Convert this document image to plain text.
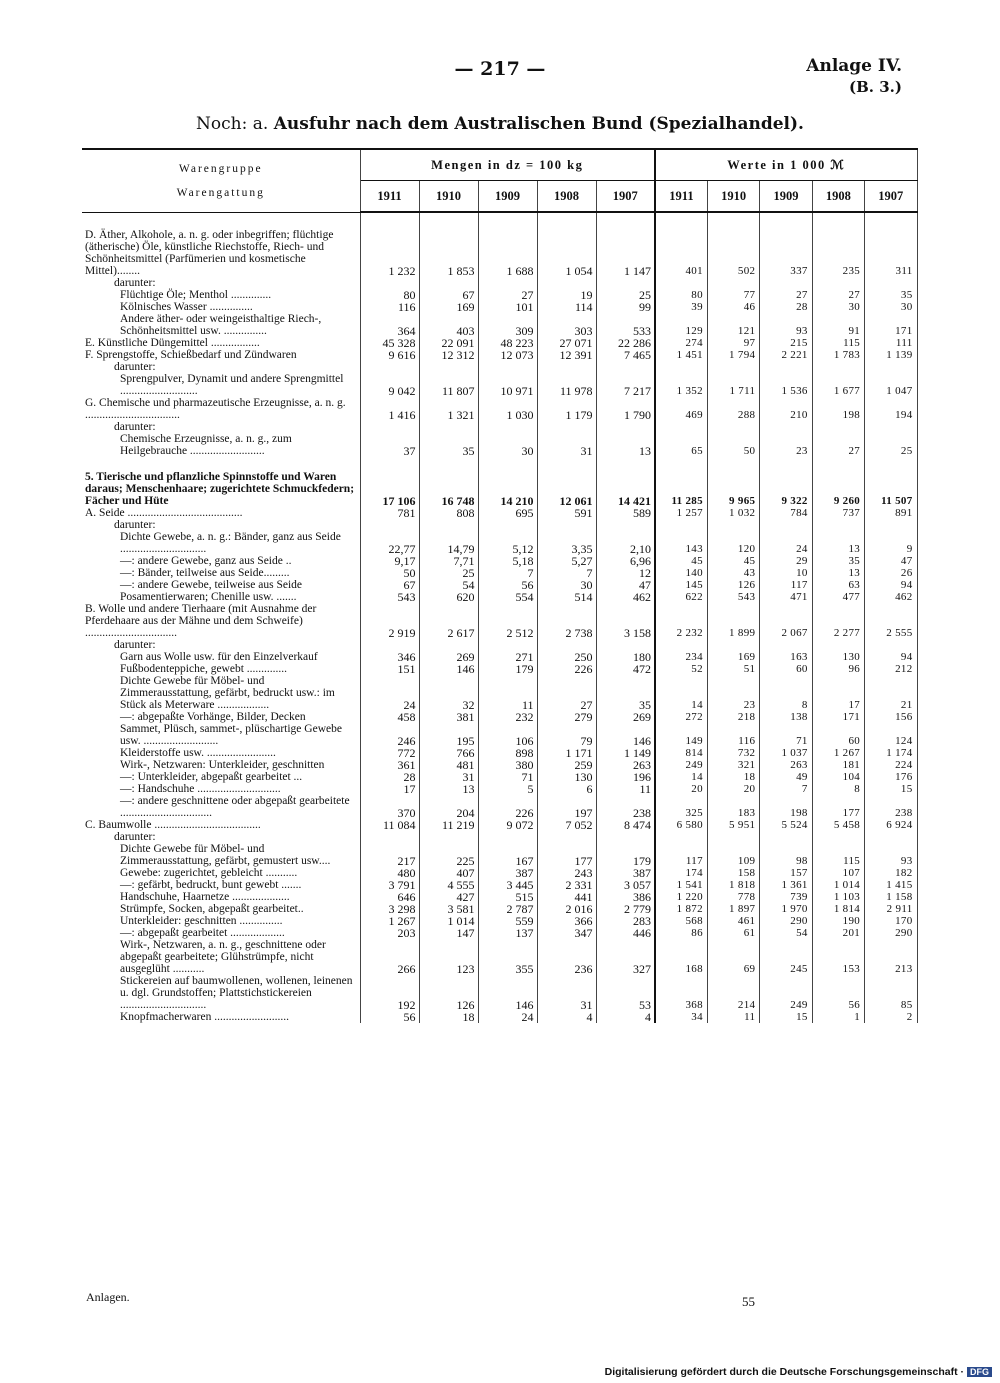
— 217 —	Anlage IV.
(B. 3.)
Noch: a. Ausfuhr nach dem Australischen Bund (Spezialhandel).
Warengruppe
Warengattung	Mengen in dz = 100 kg					Werte in 1 000 ℳ				
	1911	1910	1909	1908	1907	1911	1910	1909	1908	1907

D. Äther, Alkohole, a. n. g. oder inbegriffen; flüchtige (ätherische) Öle, künstliche Riechstoffe, Riech- und Schönheitsmittel (Parfümerien und kosmetische Mittel)........	1 232	1 853	1 688	1 054	1 147	401	502	337	235	311
darunter:										
Flüchtige Öle; Menthol ..............	80	67	27	19	25	80	77	27	27	35
Kölnisches Wasser ...............	116	169	101	114	99	39	46	28	30	30
Andere äther- oder weingeisthaltige Riech-, Schönheitsmittel usw. ...............	364	403	309	303	533	129	121	93	91	171
E. Künstliche Düngemittel .................	45 328	22 091	48 223	27 071	22 286	274	97	215	115	111
F. Sprengstoffe, Schießbedarf und Zündwaren	9 616	12 312	12 073	12 391	7 465	1 451	1 794	2 221	1 783	1 139
darunter:										
Sprengpulver, Dynamit und andere Sprengmittel ...........................	9 042	11 807	10 971	11 978	7 217	1 352	1 711	1 536	1 677	1 047
G. Chemische und pharmazeutische Erzeugnisse, a. n. g. .................................	1 416	1 321	1 030	1 179	1 790	469	288	210	198	194
darunter:										
Chemische Erzeugnisse, a. n. g., zum Heilgebrauche ..........................	37	35	30	31	13	65	50	23	27	25
5. Tierische und pflanzliche Spinnstoffe und Waren daraus; Menschenhaare; zugerichtete Schmuckfedern; Fächer und Hüte	17 106	16 748	14 210	12 061	14 421	11 285	9 965	9 322	9 260	11 507
A. Seide ........................................	781	808	695	591	589	1 257	1 032	784	737	891
darunter:										
Dichte Gewebe, a. n. g.: Bänder, ganz aus Seide ..............................	22,77	14,79	5,12	3,35	2,10	143	120	24	13	9
—: andere Gewebe, ganz aus Seide ..	9,17	7,71	5,18	5,27	6,96	45	45	29	35	47
—: Bänder, teilweise aus Seide.........	50	25	7	7	12	140	43	10	13	26
—: andere Gewebe, teilweise aus Seide	67	54	56	30	47	145	126	117	63	94
Posamentierwaren; Chenille usw. .......	543	620	554	514	462	622	543	471	477	462
B. Wolle und andere Tierhaare (mit Ausnahme der Pferdehaare aus der Mähne und dem Schweife) ................................	2 919	2 617	2 512	2 738	3 158	2 232	1 899	2 067	2 277	2 555
darunter:										
Garn aus Wolle usw. für den Einzelverkauf	346	269	271	250	180	234	169	163	130	94
Fußbodenteppiche, gewebt ..............	151	146	179	226	472	52	51	60	96	212
Dichte Gewebe für Möbel- und Zimmerausstattung, gefärbt, bedruckt usw.: im Stück als Meterware ..................	24	32	11	27	35	14	23	8	17	21
—: abgepaßte Vorhänge, Bilder, Decken	458	381	232	279	269	272	218	138	171	156
Sammet, Plüsch, sammet-, plüschartige Gewebe usw. ..........................	246	195	106	79	146	149	116	71	60	124
Kleiderstoffe usw. ........................	772	766	898	1 171	1 149	814	732	1 037	1 267	1 174
Wirk-, Netzwaren: Unterkleider, geschnitten	361	481	380	259	263	249	321	263	181	224
—: Unterkleider, abgepaßt gearbeitet ...	28	31	71	130	196	14	18	49	104	176
—: Handschuhe .............................	17	13	5	6	11	20	20	7	8	15
—: andere geschnittene oder abgepaßt gearbeitete ................................	370	204	226	197	238	325	183	198	177	238
C. Baumwolle .....................................	11 084	11 219	9 072	7 052	8 474	6 580	5 951	5 524	5 458	6 924
darunter:										
Dichte Gewebe für Möbel- und Zimmerausstattung, gefärbt, gemustert usw....	217	225	167	177	179	117	109	98	115	93
Gewebe: zugerichtet, gebleicht ...........	480	407	387	243	387	174	158	157	107	182
—: gefärbt, bedruckt, bunt gewebt .......	3 791	4 555	3 445	2 331	3 057	1 541	1 818	1 361	1 014	1 415
Handschuhe, Haarnetze ....................	646	427	515	441	386	1 220	778	739	1 103	1 158
Strümpfe, Socken, abgepaßt gearbeitet..	3 298	3 581	2 787	2 016	2 779	1 872	1 897	1 970	1 814	2 911
Unterkleider: geschnitten ...............	1 267	1 014	559	366	283	568	461	290	190	170
—: abgepaßt gearbeitet ...................	203	147	137	347	446	86	61	54	201	290
Wirk-, Netzwaren, a. n. g., geschnittene oder abgepaßt gearbeitete; Glühstrümpfe, nicht ausgeglüht ...........	266	123	355	236	327	168	69	245	153	213
Stickereien auf baumwollenen, wollenen, leinenen u. dgl. Grundstoffen; Plattstichstickereien ..............................	192	126	146	31	53	368	214	249	56	85
Knopfmacherwaren ..........................	56	18	24	4	4	34	11	15	1	2
Anlagen.	55
Digitalisierung gefördert durch die Deutsche Forschungsgemeinschaft · DFG
